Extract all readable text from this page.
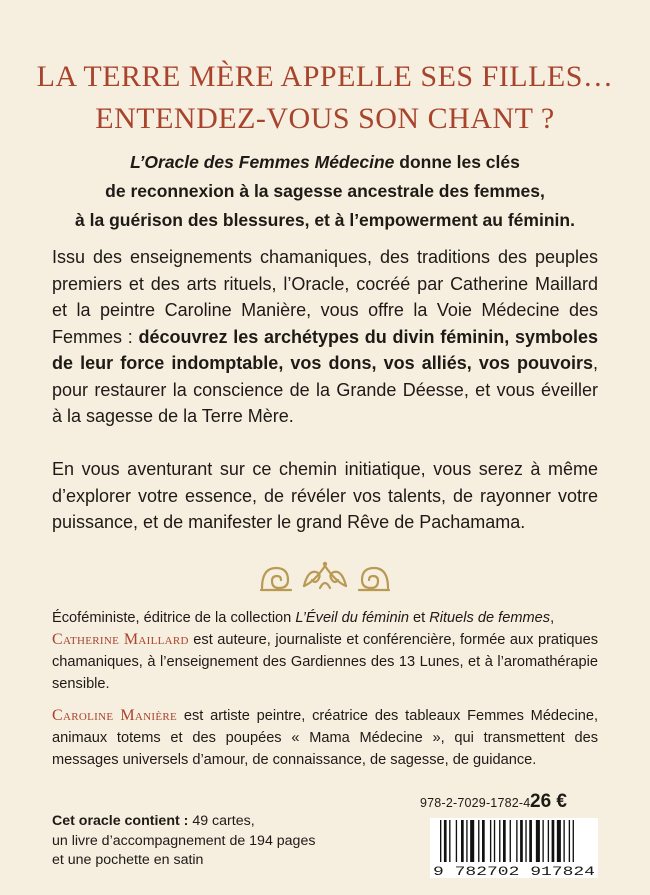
LA TERRE MÈRE APPELLE SES FILLES…
ENTENDEZ-VOUS SON CHANT ?
L’Oracle des Femmes Médecine donne les clés
de reconnexion à la sagesse ancestrale des femmes,
à la guérison des blessures, et à l’empowerment au féminin.
Issu des enseignements chamaniques, des traditions des peuples premiers et des arts rituels, l’Oracle, cocréé par Catherine Maillard et la peintre Caroline Manière, vous offre la Voie Médecine des Femmes : découvrez les archétypes du divin féminin, symboles de leur force indomptable, vos dons, vos alliés, vos pouvoirs, pour restaurer la conscience de la Grande Déesse, et vous éveiller à la sagesse de la Terre Mère.
En vous aventurant sur ce chemin initiatique, vous serez à même d’explorer votre essence, de révéler vos talents, de rayonner votre puissance, et de manifester le grand Rêve de Pachamama.
Écoféministe, éditrice de la collection L’Éveil du féminin et Rituels de femmes,
Catherine Maillard est auteure, journaliste et conférencière, formée aux pratiques chamaniques, à l’enseignement des Gardiennes des 13 Lunes, et à l’aromathérapie sensible.
Caroline Manière est artiste peintre, créatrice des tableaux Femmes Médecine, animaux totems et des poupées « Mama Médecine », qui transmettent des messages universels d’amour, de connaissance, de sagesse, de guidance.
Cet oracle contient : 49 cartes,
un livre d’accompagnement de 194 pages
et une pochette en satin
978-2-7029-1782-4 26 €
9 782702 917824
